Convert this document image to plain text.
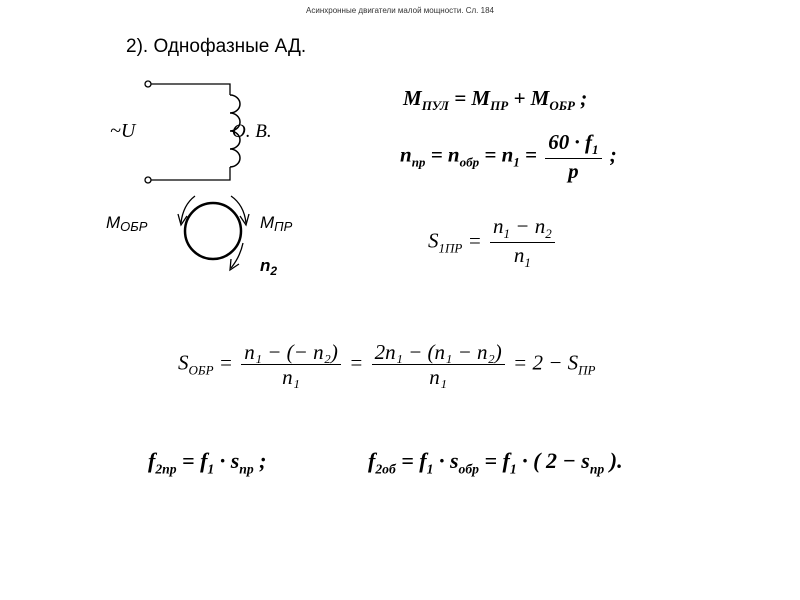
Асинхронные двигатели малой мощности. Сл. 184
2). Однофазные АД.
~U	О. В.
MОБР	MПР
$n_2$
$M_{ПУЛ} = M_{ПР} + M_{ОБР}$ ;
$n_{пр} = n_{обр} = n_1 = \frac{60 \cdot f_1}{p}$ ;
$S_{1ПР} = \frac{n_1 - n_2}{n_1}$
$S_{ОБР} = \frac{\text{n₁ − (− n₂)}}{\text{n₁}} = \frac{\text{2n₁ − (n₁ − n₂)}}{\text{n₁}} = 2 - S_{ПР}$
$f_{2пр} = f_1 \cdot s_{пр}$ ;	$f_{2об} = f_1 \cdot s_{обр} = f_1$ · ( $2 - s_{пр}$ ).
